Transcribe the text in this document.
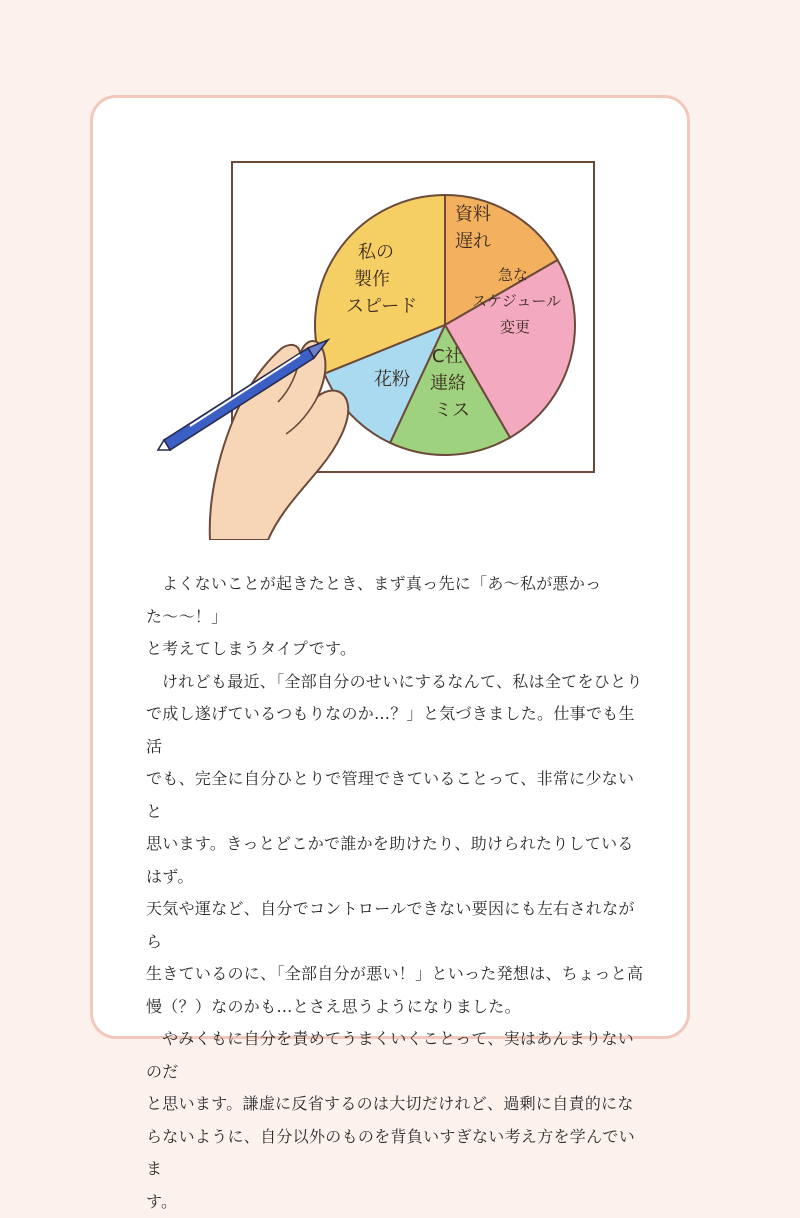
私の 製作 スピード
資料 遅れ
急な スケジュール 変更
C社 連絡 ミス
花粉

よくないことが起きたとき、まず真っ先に「あ〜私が悪かった〜〜！」
と考えてしまうタイプです。

けれども最近、「全部自分のせいにするなんて、私は全てをひとり
で成し遂げているつもりなのか…？」と気づきました。仕事でも生活
でも、完全に自分ひとりで管理できていることって、非常に少ないと
思います。きっとどこかで誰かを助けたり、助けられたりしているはず。
天気や運など、自分でコントロールできない要因にも左右されながら
生きているのに、「全部自分が悪い！」といった発想は、ちょっと高
慢（？）なのかも…とさえ思うようになりました。

やみくもに自分を責めてうまくいくことって、実はあんまりないのだ
と思います。謙虚に反省するのは大切だけれど、過剰に自責的にな
らないように、自分以外のものを背負いすぎない考え方を学んでいま
す。
